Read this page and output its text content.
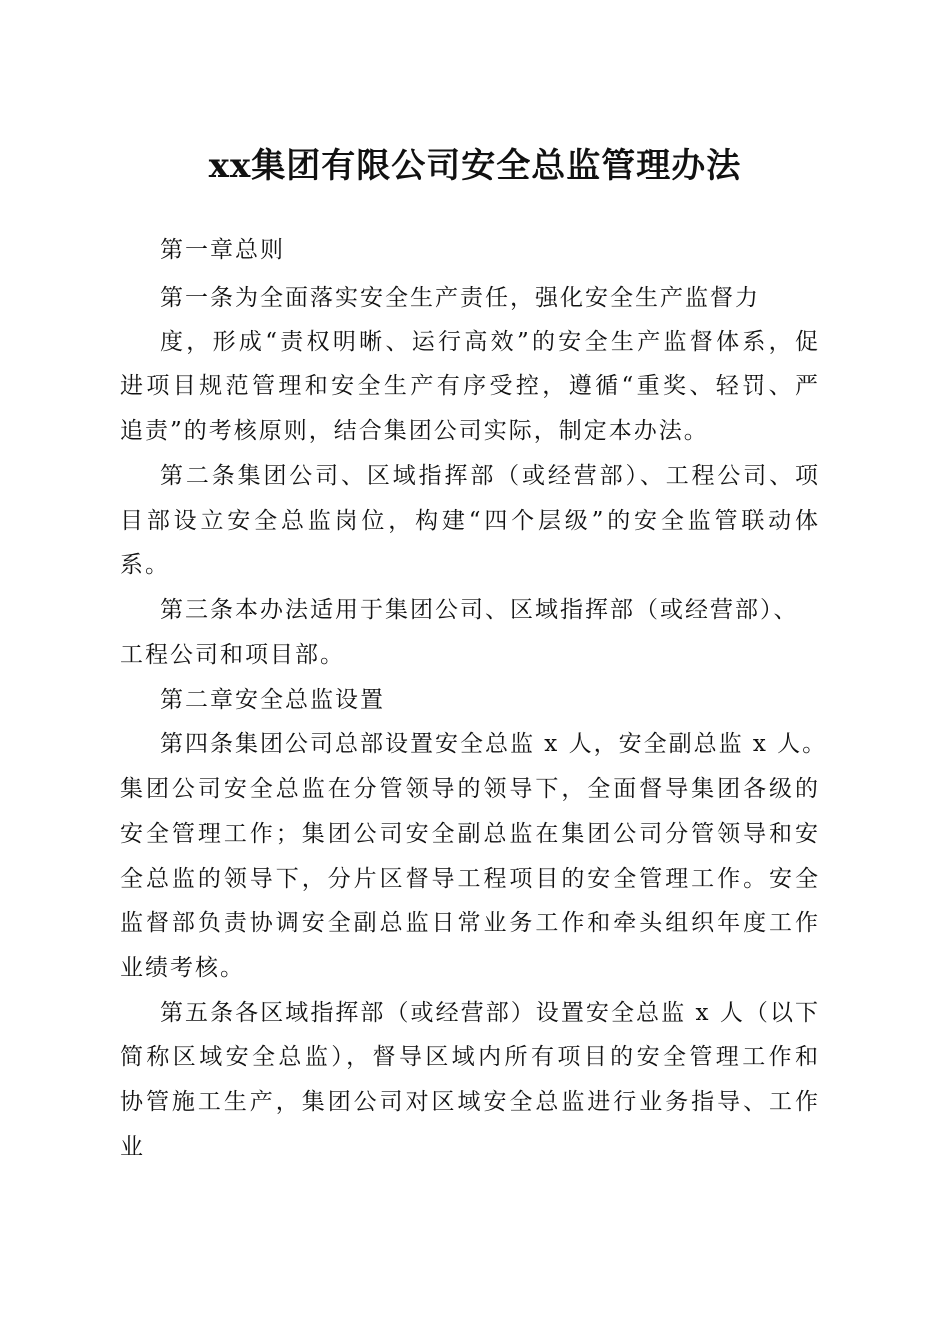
xx集团有限公司安全总监管理办法

第一章总则

第一条为全面落实安全生产责任，强化安全生产监督力

度，形成“责权明晰、运行高效”的安全生产监督体系，促

进项目规范管理和安全生产有序受控，遵循“重奖、轻罚、严

追责”的考核原则，结合集团公司实际，制定本办法。

第二条集团公司、区域指挥部（或经营部）、工程公司、项

目部设立安全总监岗位，构建“四个层级”的安全监管联动体

系。

第三条本办法适用于集团公司、区域指挥部（或经营部）、

工程公司和项目部。

第二章安全总监设置

第四条集团公司总部设置安全总监 x 人，安全副总监 x 人。

集团公司安全总监在分管领导的领导下，全面督导集团各级的

安全管理工作；集团公司安全副总监在集团公司分管领导和安

全总监的领导下，分片区督导工程项目的安全管理工作。安全

监督部负责协调安全副总监日常业务工作和牵头组织年度工作

业绩考核。

第五条各区域指挥部（或经营部）设置安全总监 x 人（以下

简称区域安全总监），督导区域内所有项目的安全管理工作和

协管施工生产，集团公司对区域安全总监进行业务指导、工作

业
